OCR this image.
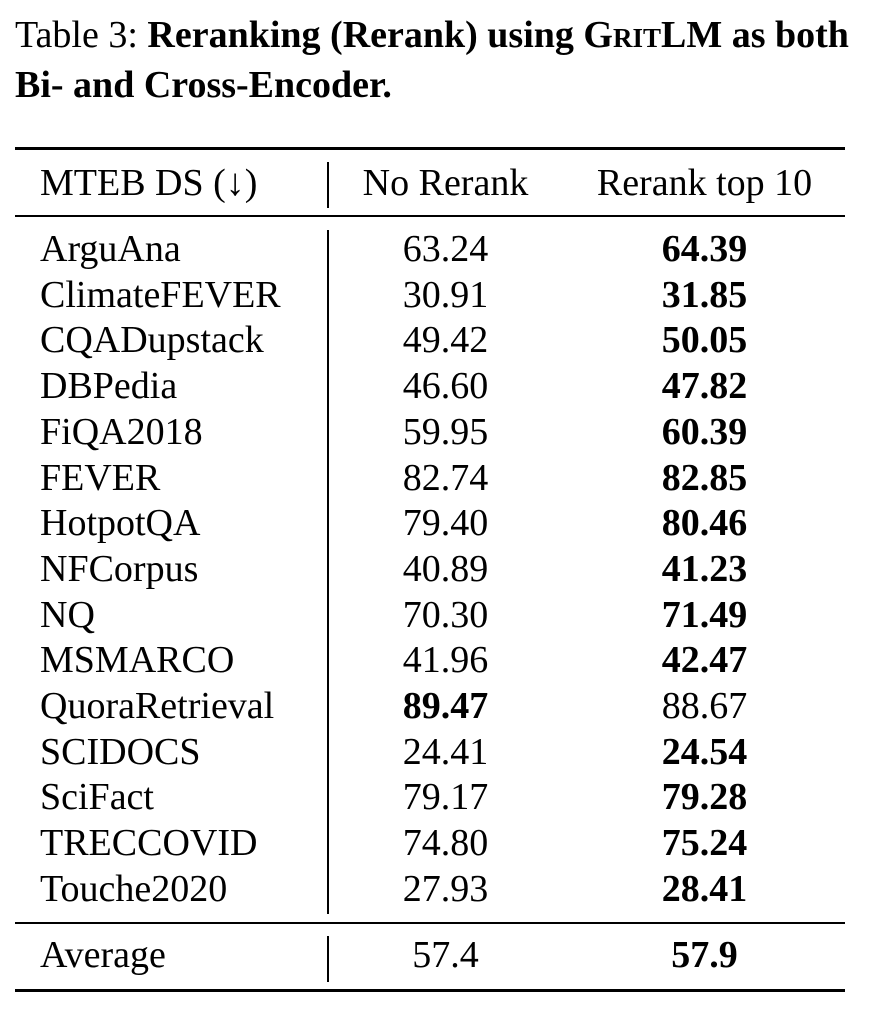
Table 3: Reranking (Rerank) using GritLM as both Bi- and Cross-Encoder.
MTEB DS (↓)	No Rerank	Rerank top 10
ArguAna	63.24	64.39
ClimateFEVER	30.91	31.85
CQADupstack	49.42	50.05
DBPedia	46.60	47.82
FiQA2018	59.95	60.39
FEVER	82.74	82.85
HotpotQA	79.40	80.46
NFCorpus	40.89	41.23
NQ	70.30	71.49
MSMARCO	41.96	42.47
QuoraRetrieval	89.47	88.67
SCIDOCS	24.41	24.54
SciFact	79.17	79.28
TRECCOVID	74.80	75.24
Touche2020	27.93	28.41
Average	57.4	57.9
